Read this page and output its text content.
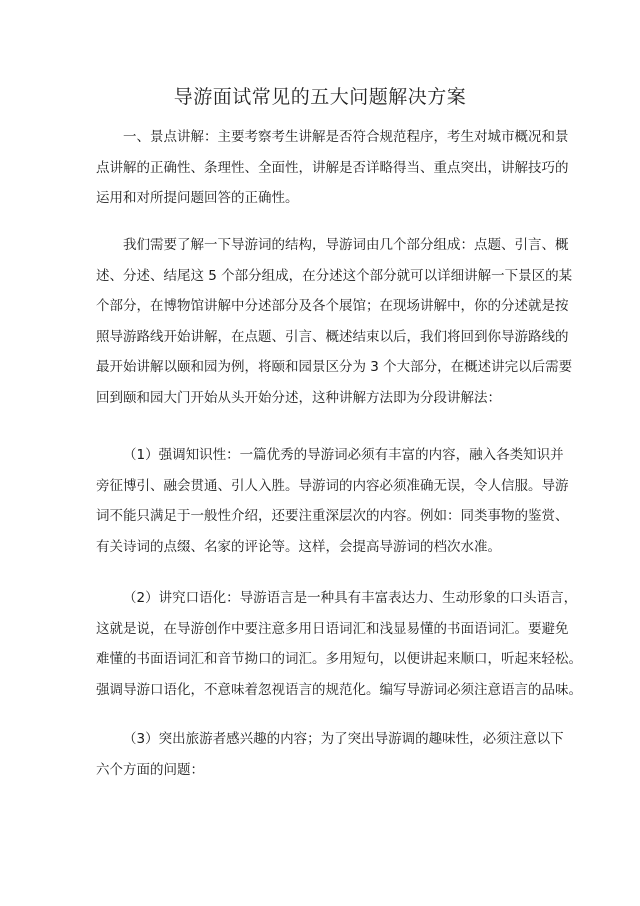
导游面试常见的五大问题解决方案
一、景点讲解：主要考察考生讲解是否符合规范程序，考生对城市概况和景
点讲解的正确性、条理性、全面性，讲解是否详略得当、重点突出，讲解技巧的
运用和对所提问题回答的正确性。
我们需要了解一下导游词的结构，导游词由几个部分组成：点题、引言、概
述、分述、结尾这 5 个部分组成，在分述这个部分就可以详细讲解一下景区的某
个部分，在博物馆讲解中分述部分及各个展馆；在现场讲解中，你的分述就是按
照导游路线开始讲解，在点题、引言、概述结束以后，我们将回到你导游路线的
最开始讲解以颐和园为例，将颐和园景区分为 3 个大部分，在概述讲完以后需要
回到颐和园大门开始从头开始分述，这种讲解方法即为分段讲解法：
（1）强调知识性：一篇优秀的导游词必须有丰富的内容，融入各类知识并
旁征博引、融会贯通、引人入胜。导游词的内容必须准确无误，令人信服。导游
词不能只满足于一般性介绍，还要注重深层次的内容。例如：同类事物的鉴赏、
有关诗词的点缀、名家的评论等。这样，会提高导游词的档次水准。
（2）讲究口语化：导游语言是一种具有丰富表达力、生动形象的口头语言，
这就是说，在导游创作中要注意多用日语词汇和浅显易懂的书面语词汇。要避免
难懂的书面语词汇和音节拗口的词汇。多用短句，以便讲起来顺口，听起来轻松。
强调导游口语化，不意味着忽视语言的规范化。编写导游词必须注意语言的品味。
（3）突出旅游者感兴趣的内容；为了突出导游调的趣味性，必须注意以下
六个方面的问题：
